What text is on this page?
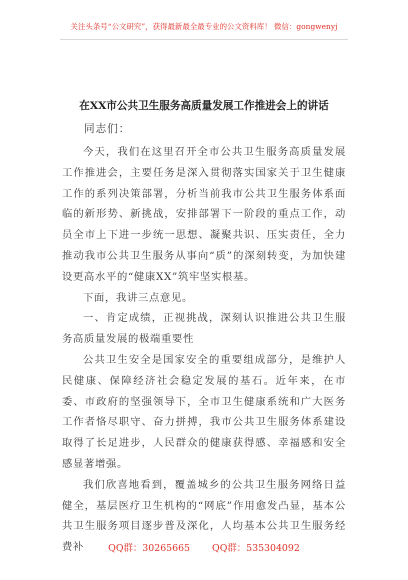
关注头条号“公文研究”，获得最新最全最专业的公文资料库！ 微信：gongwenyj
在XX市公共卫生服务高质量发展工作推进会上的讲话
同志们：

今天，我们在这里召开全市公共卫生服务高质量发展工作推进会，主要任务是深入贯彻落实国家关于卫生健康工作的系列决策部署，分析当前我市公共卫生服务体系面临的新形势、新挑战，安排部署下一阶段的重点工作，动员全市上下进一步统一思想、凝聚共识、压实责任，全力推动我市公共卫生服务从事向“质”的深刻转变，为加快建设更高水平的“健康XX”筑牢坚实根基。

下面，我讲三点意见。

一、肯定成绩，正视挑战，深刻认识推进公共卫生服务高质量发展的极端重要性

公共卫生安全是国家安全的重要组成部分，是维护人民健康、保障经济社会稳定发展的基石。近年来，在市委、市政府的坚强领导下，全市卫生健康系统和广大医务工作者恪尽职守、奋力拼搏，我市公共卫生服务体系建设取得了长足进步，人民群众的健康获得感、幸福感和安全感显著增强。

我们欣喜地看到，覆盖城乡的公共卫生服务网络日益健全，基层医疗卫生机构的“网底”作用愈发凸显，基本公共卫生服务项目逐步普及深化，人均基本公共卫生服务经费补	QQ群：30265665 QQ群：535304092
